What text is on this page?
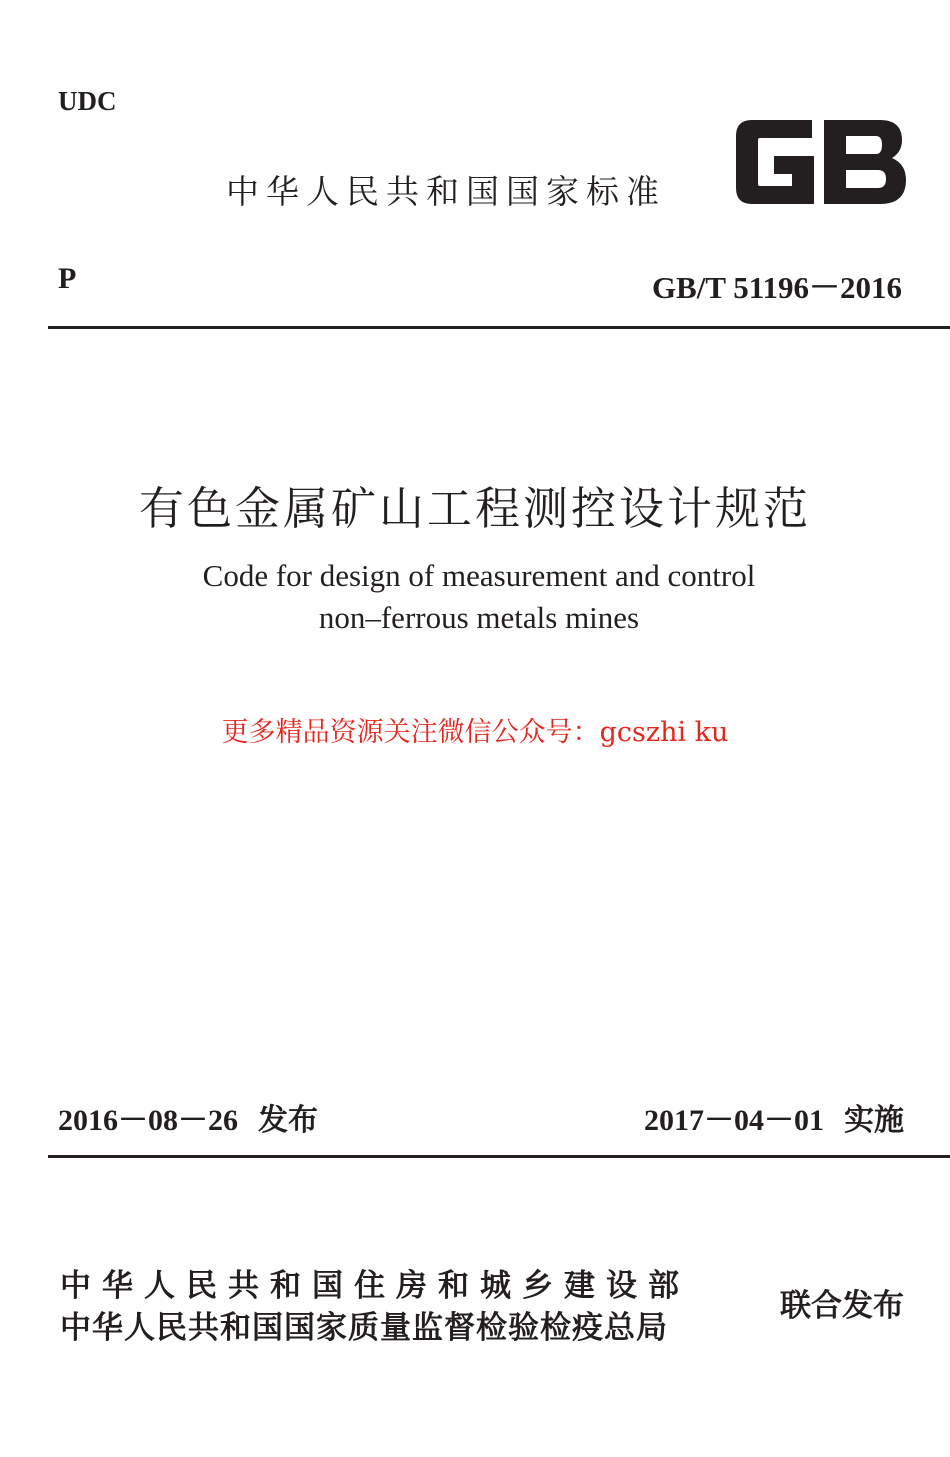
UDC
中华人民共和国国家标准
P	GB/T 51196－2016
有色金属矿山工程测控设计规范
Code for design of measurement and control
non–ferrous metals mines
更多精品资源关注微信公众号：gcszhi ku
2016－08－26 发布	2017－04－01 实施
中华人民共和国住房和城乡建设部
中华人民共和国国家质量监督检验检疫总局
联合发布
